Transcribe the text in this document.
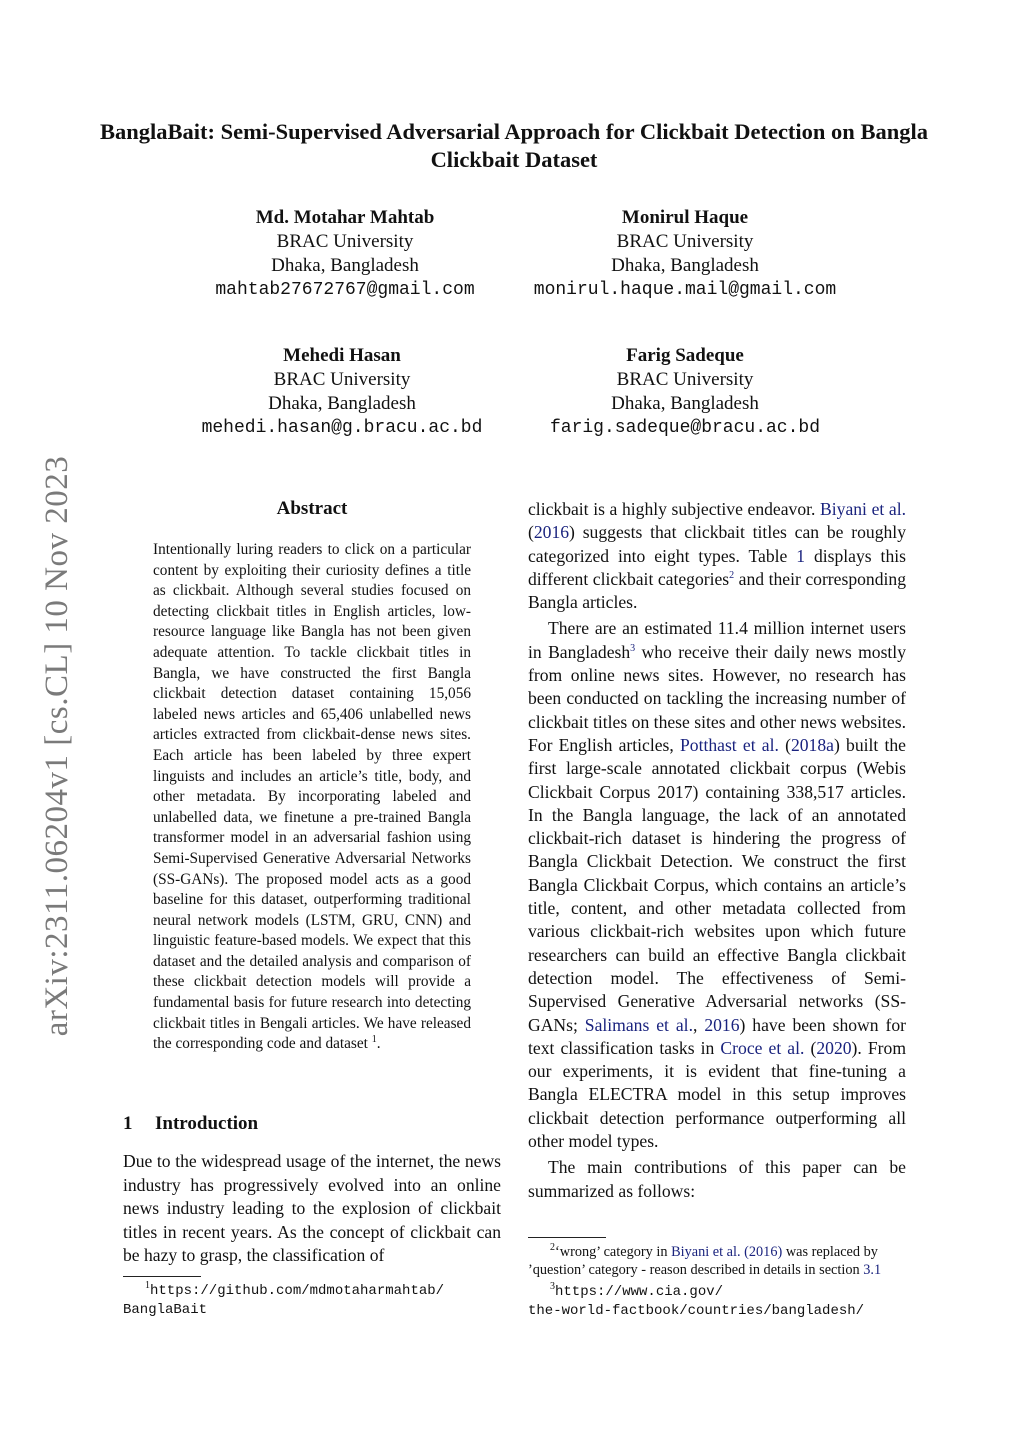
arXiv:2311.06204v1 [cs.CL] 10 Nov 2023
BanglaBait: Semi-Supervised Adversarial Approach for Clickbait Detection on Bangla Clickbait Dataset
Md. Motahar Mahtab
BRAC University
Dhaka, Bangladesh
mahtab27672767@gmail.com
Monirul Haque
BRAC University
Dhaka, Bangladesh
monirul.haque.mail@gmail.com
Mehedi Hasan
BRAC University
Dhaka, Bangladesh
mehedi.hasan@g.bracu.ac.bd
Farig Sadeque
BRAC University
Dhaka, Bangladesh
farig.sadeque@bracu.ac.bd
Abstract
Intentionally luring readers to click on a particular content by exploiting their curiosity defines a title as clickbait. Although several studies focused on detecting clickbait titles in English articles, low-resource language like Bangla has not been given adequate attention. To tackle clickbait titles in Bangla, we have constructed the first Bangla clickbait detection dataset containing 15,056 labeled news articles and 65,406 unlabelled news articles extracted from clickbait-dense news sites. Each article has been labeled by three expert linguists and includes an article’s title, body, and other metadata. By incorporating labeled and unlabelled data, we finetune a pre-trained Bangla transformer model in an adversarial fashion using Semi-Supervised Generative Adversarial Networks (SS-GANs). The proposed model acts as a good baseline for this dataset, outperforming traditional neural network models (LSTM, GRU, CNN) and linguistic feature-based models. We expect that this dataset and the detailed analysis and comparison of these clickbait detection models will provide a fundamental basis for future research into detecting clickbait titles in Bengali articles. We have released the corresponding code and dataset $^1$.
1 Introduction
Due to the widespread usage of the internet, the news industry has progressively evolved into an online news industry leading to the explosion of clickbait titles in recent years. As the concept of clickbait can be hazy to grasp, the classification of
$^1$https://github.com/mdmotaharmahtab/
BanglaBait

clickbait is a highly subjective endeavor. Biyani et al. (2016) suggests that clickbait titles can be roughly categorized into eight types. Table 1 displays this different clickbait categories$^2$ and their corresponding Bangla articles.

There are an estimated 11.4 million internet users in Bangladesh$^3$ who receive their daily news mostly from online news sites. However, no research has been conducted on tackling the increasing number of clickbait titles on these sites and other news websites. For English articles, Potthast et al. (2018a) built the first large-scale annotated clickbait corpus (Webis Clickbait Corpus 2017) containing 338,517 articles. In the Bangla language, the lack of an annotated clickbait-rich dataset is hindering the progress of Bangla Clickbait Detection. We construct the first Bangla Clickbait Corpus, which contains an article’s title, content, and other metadata collected from various clickbait-rich websites upon which future researchers can build an effective Bangla clickbait detection model. The effectiveness of Semi-Supervised Generative Adversarial networks (SS-GANs; Salimans et al., 2016) have been shown for text classification tasks in Croce et al. (2020). From our experiments, it is evident that fine-tuning a Bangla ELECTRA model in this setup improves clickbait detection performance outperforming all other model types.

The main contributions of this paper can be summarized as follows:

$^2$‘wrong’ category in Biyani et al. (2016) was replaced by ’question’ category - reason described in details in section 3.1
$^3$https://www.cia.gov/
the-world-factbook/countries/bangladesh/
